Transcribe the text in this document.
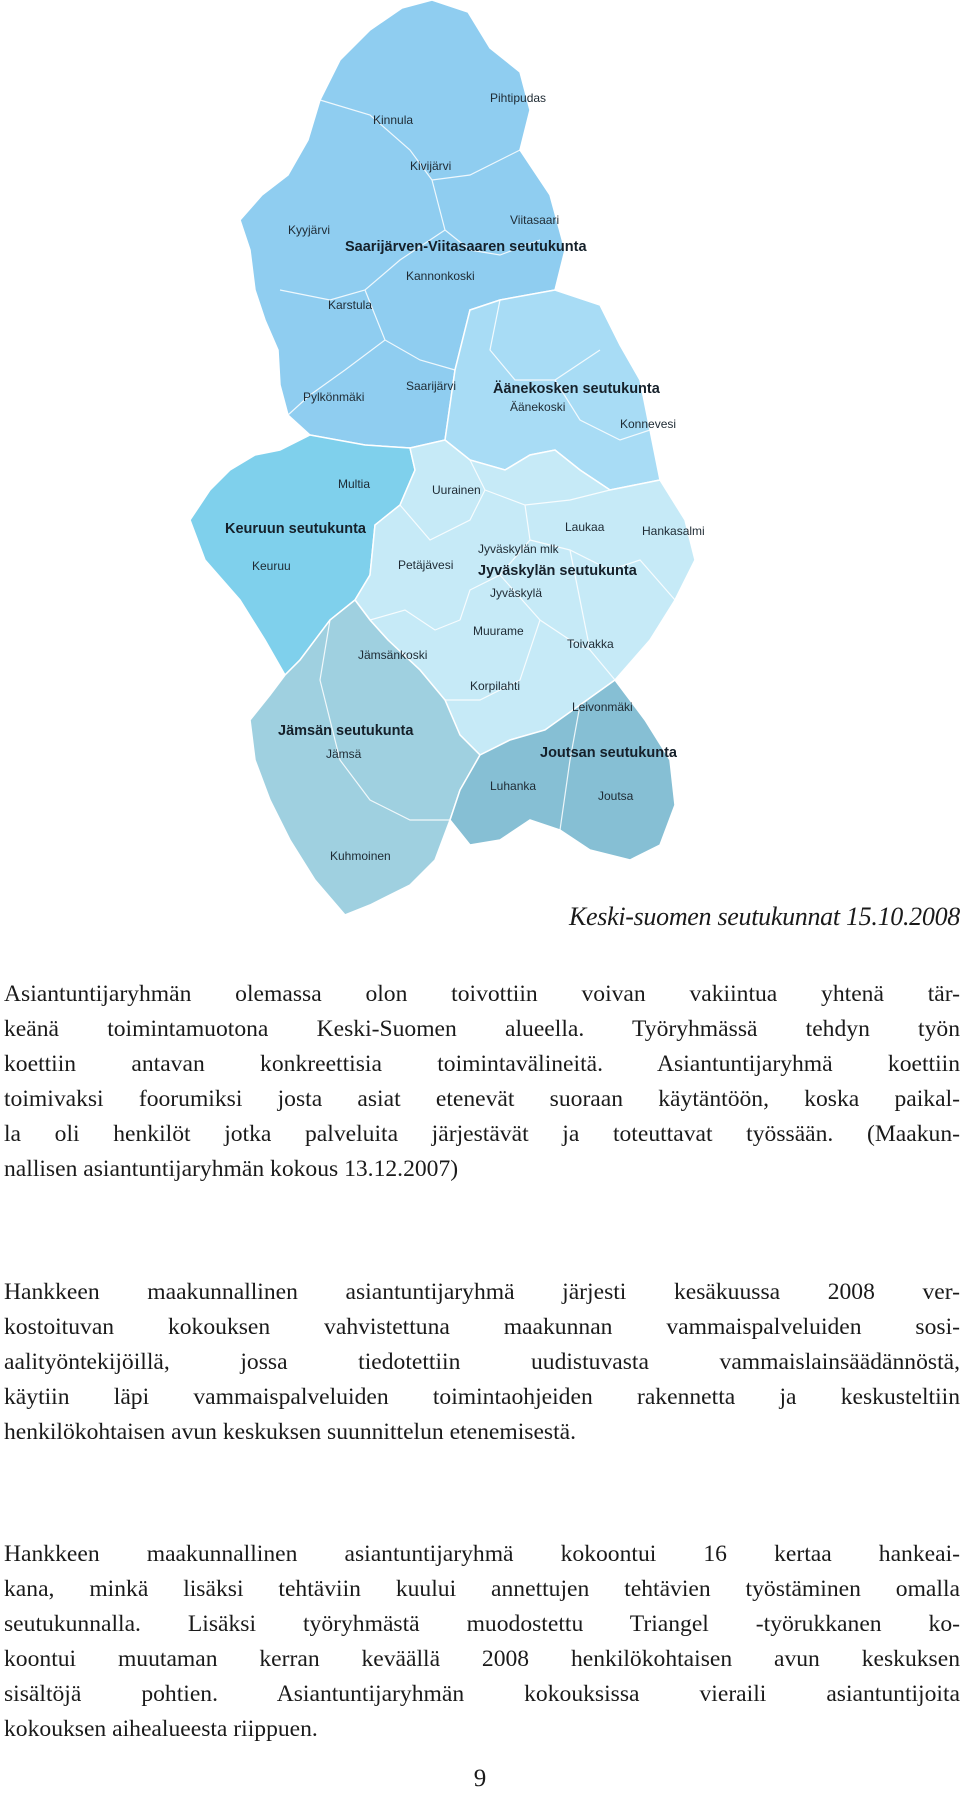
Saarijärven-Viitasaaren seutukunta
Äänekosken seutukunta
Keuruun seutukunta
Jyväskylän seutukunta
Jämsän seutukunta
Joutsan seutukunta
Pihtipudas
Kinnula
Kivijärvi
Viitasaari
Kyyjärvi
Kannonkoski
Karstula
Pylkönmäki
Saarijärvi
Äänekoski
Konnevesi
Multia	Uurainen
Laukaa	Hankasalmi
Keuruu	Petäjävesi
Jyväskylän mlk
Jyväskylä
Muurame
Toivakka
Jämsänkoski
Korpilahti
Leivonmäki
Jämsä
Luhanka
Joutsa
Kuhmoinen
Keski-suomen seutukunnat 15.10.2008

Asiantuntijaryhmän olemassa olon toivottiin voivan vakiintua yhtenä tär-
keänä toimintamuotona Keski-Suomen alueella. Työryhmässä tehdyn työn
koettiin antavan konkreettisia toimintavälineitä. Asiantuntijaryhmä koettiin
toimivaksi foorumiksi josta asiat etenevät suoraan käytäntöön, koska paikal-
la oli henkilöt jotka palveluita järjestävät ja toteuttavat työssään. (Maakun-
nallisen asiantuntijaryhmän kokous 13.12.2007)

Hankkeen maakunnallinen asiantuntijaryhmä järjesti kesäkuussa 2008 ver-
kostoituvan kokouksen vahvistettuna maakunnan vammaispalveluiden sosi-
aalityöntekijöillä, jossa tiedotettiin uudistuvasta vammaislainsäädännöstä,
käytiin läpi vammaispalveluiden toimintaohjeiden rakennetta ja keskusteltiin
henkilökohtaisen avun keskuksen suunnittelun etenemisestä.

Hankkeen maakunnallinen asiantuntijaryhmä kokoontui 16 kertaa hankeai-
kana, minkä lisäksi tehtäviin kuului annettujen tehtävien työstäminen omalla
seutukunnalla. Lisäksi työryhmästä muodostettu Triangel -työrukkanen ko-
koontui muutaman kerran keväällä 2008 henkilökohtaisen avun keskuksen
sisältöjä pohtien. Asiantuntijaryhmän kokouksissa vieraili asiantuntijoita
kokouksen aihealueesta riippuen.

9
